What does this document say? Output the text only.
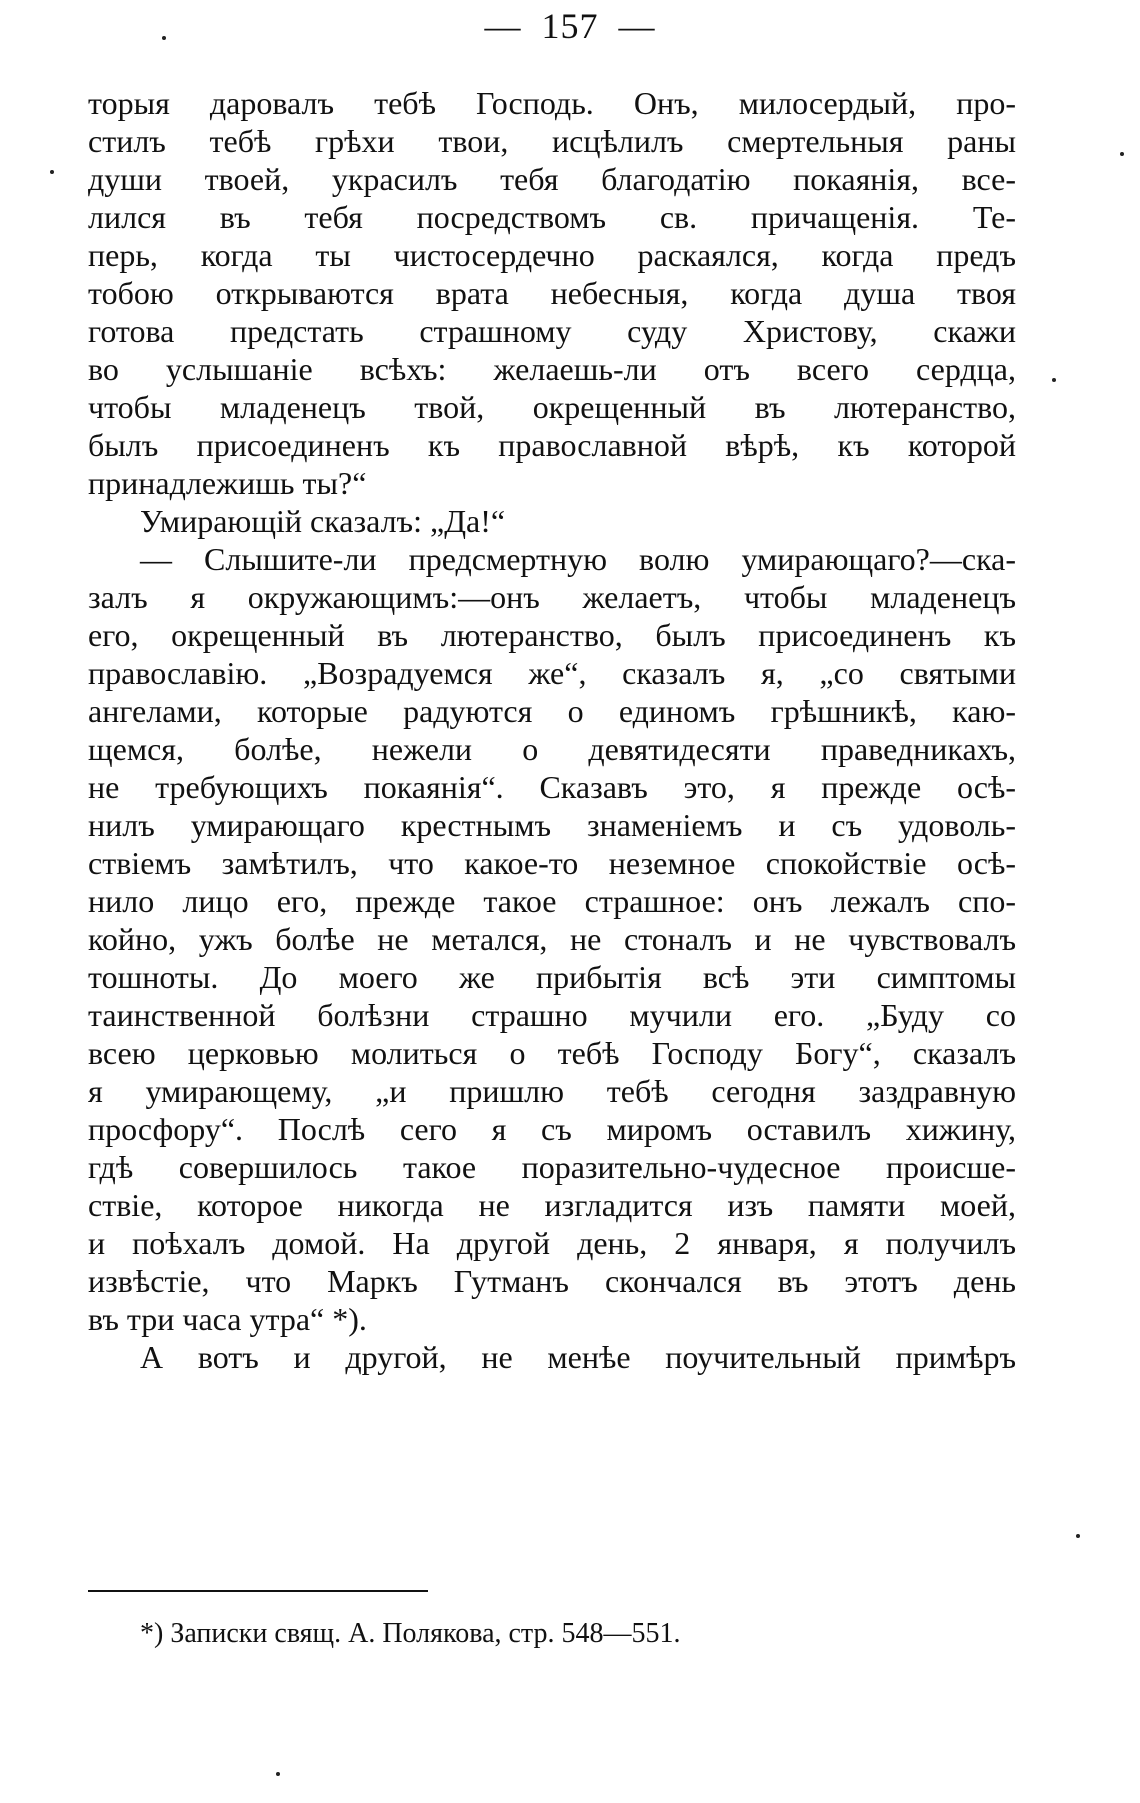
— 157 —
торыя даровалъ тебѣ Господь. Онъ, милосердый, про-
стилъ тебѣ грѣхи твои, исцѣлилъ смертельныя раны
души твоей, украсилъ тебя благодатію покаянія, все-
лился въ тебя посредствомъ св. причащенія. Те-
перь, когда ты чистосердечно раскаялся, когда предъ
тобою открываются врата небесныя, когда душа твоя
готова предстать страшному суду Христову, скажи
во услышаніе всѣхъ: желаешь-ли отъ всего сердца,
чтобы младенецъ твой, окрещенный въ лютеранство,
былъ присоединенъ къ православной вѣрѣ, къ которой
принадлежишь ты?“
Умирающій сказалъ: „Да!“
— Слышите-ли предсмертную волю умирающаго?—ска-
залъ я окружающимъ:—онъ желаетъ, чтобы младенецъ
его, окрещенный въ лютеранство, былъ присоединенъ къ
православію. „Возрадуемся же“, сказалъ я, „со святыми
ангелами, которые радуются о единомъ грѣшникѣ, каю-
щемся, болѣе, нежели о девятидесяти праведникахъ,
не требующихъ покаянія“. Сказавъ это, я прежде осѣ-
нилъ умирающаго крестнымъ знаменіемъ и съ удоволь-
ствіемъ замѣтилъ, что какое-то неземное спокойствіе осѣ-
нило лицо его, прежде такое страшное: онъ лежалъ спо-
койно, ужъ болѣе не метался, не стоналъ и не чувствовалъ
тошноты. До моего же прибытія всѣ эти симптомы
таинственной болѣзни страшно мучили его. „Буду со
всею церковью молиться о тебѣ Господу Богу“, сказалъ
я умирающему, „и пришлю тебѣ сегодня заздравную
просфору“. Послѣ сего я съ миромъ оставилъ хижину,
гдѣ совершилось такое поразительно-чудесное происше-
ствіе, которое никогда не изгладится изъ памяти моей,
и поѣхалъ домой. На другой день, 2 января, я получилъ
извѣстіе, что Маркъ Гутманъ скончался въ этотъ день
въ три часа утра“ *).
А вотъ и другой, не менѣе поучительный примѣръ
*) Записки свящ. А. Полякова, стр. 548—551.
